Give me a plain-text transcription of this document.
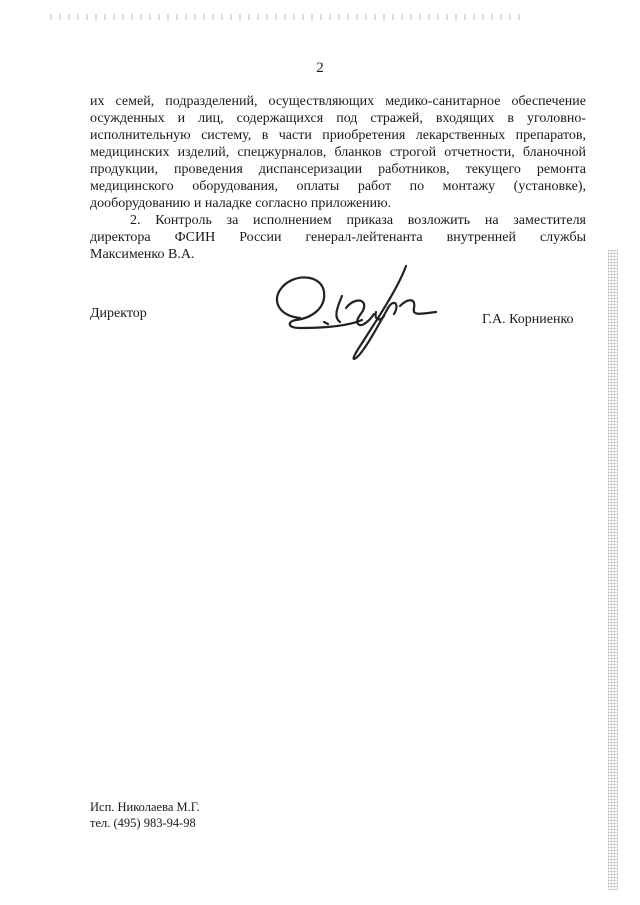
2

их семей, подразделений, осуществляющих медико-санитарное обеспечение

осужденных и лиц, содержащихся под стражей, входящих в уголовно-

исполнительную систему, в части приобретения лекарственных препаратов,

медицинских изделий, спецжурналов, бланков строгой отчетности, бланочной

продукции, проведения диспансеризации работников, текущего ремонта

медицинского оборудования, оплаты работ по монтажу (установке),

дооборудованию и наладке согласно приложению.

2. Контроль за исполнением приказа возложить на заместителя

директора ФСИН России генерал-лейтенанта внутренней службы

Максименко В.А.

Директор	Г.А. Корниенко
Исп. Николаева М.Г.
тел. (495) 983-94-98
